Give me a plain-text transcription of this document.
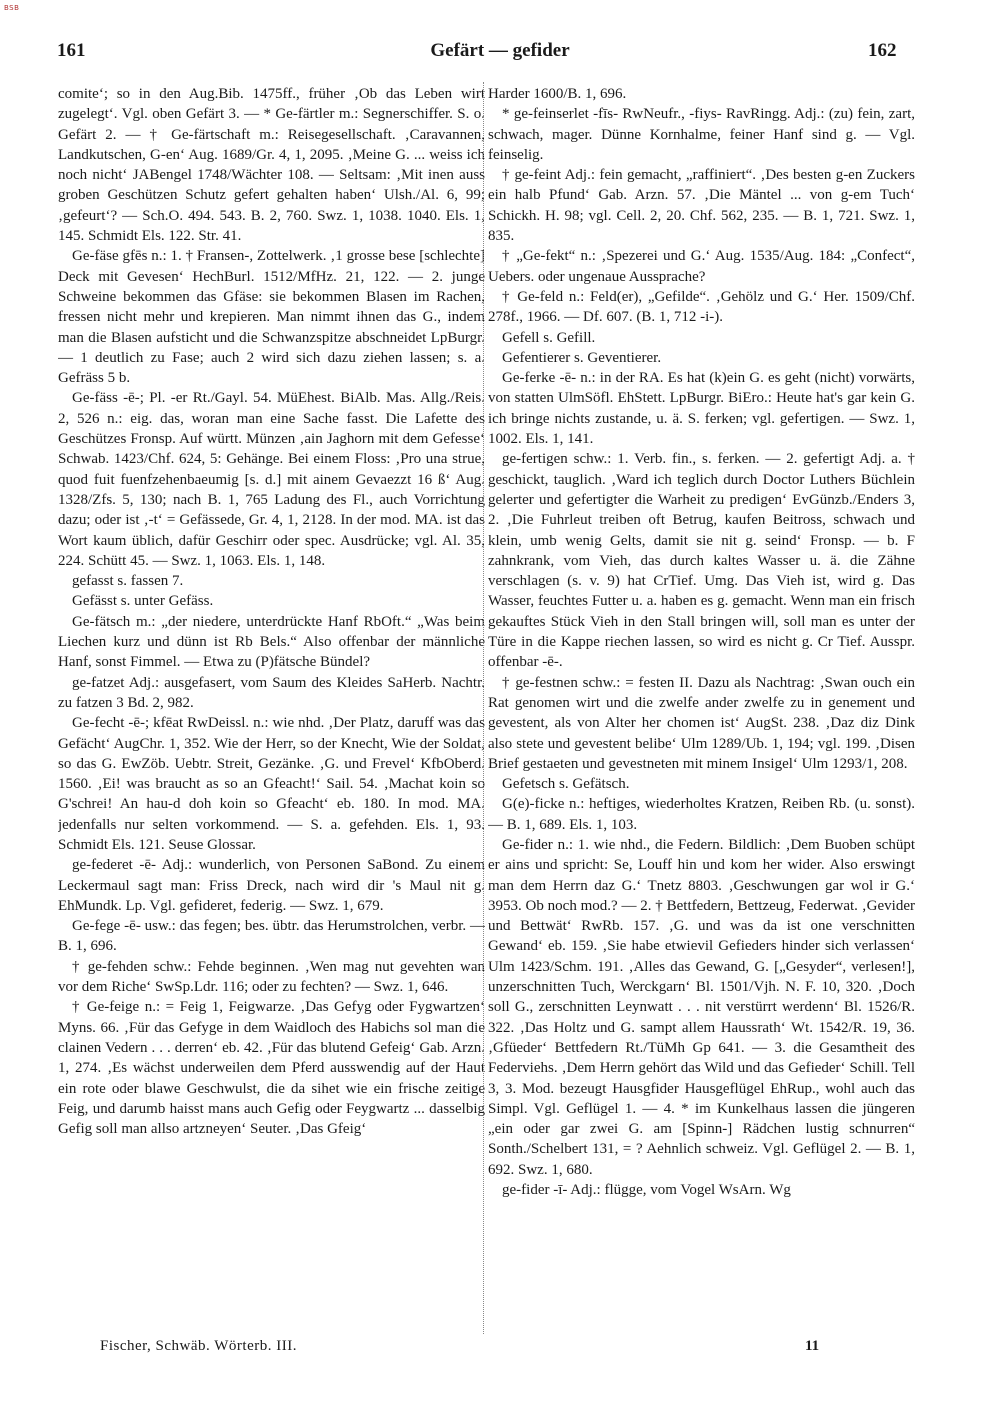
BSB
161	Gefärt — gefider	162

comite‘; so in den Aug.Bib. 1475ff., früher ‚Ob das Leben wirt zugelegt‘. Vgl. oben Gefärt 3. — * Ge-färtler m.: Segnerschiffer. S. o. Gefärt 2. — † Ge-färtschaft m.: Reisegesellschaft. ‚Caravannen, Landkutschen, G-en‘ Aug. 1689/Gr. 4, 1, 2095. ‚Meine G. ... weiss ich noch nicht‘ JABengel 1748/Wächter 108. — Seltsam: ‚Mit inen auss groben Geschützen Schutz gefert gehalten haben‘ Ulsh./Al. 6, 99; ‚gefeurt‘? — Sch.O. 494. 543. B. 2, 760. Swz. 1, 1038. 1040. Els. 1, 145. Schmidt Els. 122. Str. 41.

Ge-fäse gfēs n.: 1. † Fransen-, Zottelwerk. ‚1 grosse bese [schlechte] Deck mit Gevesen‘ HechBurl. 1512/MfHz. 21, 122. — 2. junge Schweine bekommen das Gfäse: sie bekommen Blasen im Rachen, fressen nicht mehr und krepieren. Man nimmt ihnen das G., indem man die Blasen aufsticht und die Schwanzspitze abschneidet LpBurgr. — 1 deutlich zu Fase; auch 2 wird sich dazu ziehen lassen; s. a. Gefräss 5 b.

Ge-fäss -ē-; Pl. -er Rt./Gayl. 54. MüEhest. BiAlb. Mas. Allg./Reis. 2, 526 n.: eig. das, woran man eine Sache fasst. Die Lafette des Geschützes Fronsp. Auf württ. Münzen ‚ain Jaghorn mit dem Gefesse‘ Schwab. 1423/Chf. 624, 5: Gehänge. Bei einem Floss: ‚Pro una strue, quod fuit fuenfzehenbaeumig [s. d.] mit ainem Gevaezzt 16 ß‘ Aug. 1328/Zfs. 5, 130; nach B. 1, 765 Ladung des Fl., auch Vorrichtung dazu; oder ist ‚-t‘ = Gefässede, Gr. 4, 1, 2128. In der mod. MA. ist das Wort kaum üblich, dafür Geschirr oder spec. Ausdrücke; vgl. Al. 35, 224. Schütt 45. — Swz. 1, 1063. Els. 1, 148.

gefasst s. fassen 7.

Gefässt s. unter Gefäss.

Ge-fätsch m.: „der niedere, unterdrückte Hanf RbOft.“ „Was beim Liechen kurz und dünn ist Rb Bels.“ Also offenbar der männliche Hanf, sonst Fimmel. — Etwa zu (P)fätsche Bündel?

ge-fatzet Adj.: ausgefasert, vom Saum des Kleides SaHerb. Nachtr. zu fatzen 3 Bd. 2, 982.

Ge-fecht -ē-; kfēat RwDeissl. n.: wie nhd. ‚Der Platz, daruff was das Gefächt‘ AugChr. 1, 352. Wie der Herr, so der Knecht, Wie der Soldat, so das G. EwZöb. Uebtr. Streit, Gezänke. ‚G. und Frevel‘ KfbOberd. 1560. ‚Ei! was braucht as so an Gfeacht!‘ Sail. 54. ‚Machat koin so G'schrei! An hau-d doh koin so Gfeacht‘ eb. 180. In mod. MA. jedenfalls nur selten vorkommend. — S. a. gefehden. Els. 1, 93. Schmidt Els. 121. Seuse Glossar.

ge-federet -ē- Adj.: wunderlich, von Personen SaBond. Zu einem Leckermaul sagt man: Friss Dreck, nach wird dir 's Maul nit g. EhMundk. Lp. Vgl. gefideret, federig. — Swz. 1, 679.

Ge-fege -ē- usw.: das fegen; bes. übtr. das Herumstrolchen, verbr. — B. 1, 696.

† ge-fehden schw.: Fehde beginnen. ‚Wen mag nut gevehten wan vor dem Riche‘ SwSp.Ldr. 116; oder zu fechten? — Swz. 1, 646.

† Ge-feige n.: = Feig 1, Feigwarze. ‚Das Gefyg oder Fygwartzen‘ Myns. 66. ‚Für das Gefyge in dem Waidloch des Habichs sol man die clainen Vedern . . . derren‘ eb. 42. ‚Für das blutend Gefeig‘ Gab. Arzn. 1, 274. ‚Es wächst underweilen dem Pferd ausswendig auf der Haut ein rote oder blawe Geschwulst, die da sihet wie ein frische zeitige Feig, und darumb haisst mans auch Gefig oder Feygwartz ... dasselbig Gefig soll man allso artzneyen‘ Seuter. ‚Das Gfeig‘

Harder 1600/B. 1, 696.

* ge-feinserlet -fīs- RwNeufr., -fiys- RavRingg. Adj.: (zu) fein, zart, schwach, mager. Dünne Kornhalme, feiner Hanf sind g. — Vgl. feinselig.

† ge-feint Adj.: fein gemacht, „raffiniert“. ‚Des besten g-en Zuckers ein halb Pfund‘ Gab. Arzn. 57. ‚Die Mäntel ... von g-em Tuch‘ Schickh. H. 98; vgl. Cell. 2, 20. Chf. 562, 235. — B. 1, 721. Swz. 1, 835.

† „Ge-fekt“ n.: ‚Spezerei und G.‘ Aug. 1535/Aug. 184: „Confect“, Uebers. oder ungenaue Aussprache?

† Ge-feld n.: Feld(er), „Gefilde“. ‚Gehölz und G.‘ Her. 1509/Chf. 278f., 1966. — Df. 607. (B. 1, 712 -i-).

Gefell s. Gefill.

Gefentierer s. Geventierer.

Ge-ferke -ē- n.: in der RA. Es hat (k)ein G. es geht (nicht) vorwärts, von statten UlmSöfl. EhStett. LpBurgr. BiEro.: Heute hat's gar kein G. ich bringe nichts zustande, u. ä. S. ferken; vgl. gefertigen. — Swz. 1, 1002. Els. 1, 141.

ge-fertigen schw.: 1. Verb. fin., s. ferken. — 2. gefertigt Adj. a. † geschickt, tauglich. ‚Ward ich teglich durch Doctor Luthers Büchlein gelerter und gefertigter die Warheit zu predigen‘ EvGünzb./Enders 3, 2. ‚Die Fuhrleut treiben oft Betrug, kaufen Beitross, schwach und klein, umb wenig Gelts, damit sie nit g. seind‘ Fronsp. — b. F zahnkrank, vom Vieh, das durch kaltes Wasser u. ä. die Zähne verschlagen (s. v. 9) hat CrTief. Umg. Das Vieh ist, wird g. Das Wasser, feuchtes Futter u. a. haben es g. gemacht. Wenn man ein frisch gekauftes Stück Vieh in den Stall bringen will, soll man es unter der Türe in die Kappe riechen lassen, so wird es nicht g. Cr Tief. Ausspr. offenbar -ē-.

† ge-festnen schw.: = festen II. Dazu als Nachtrag: ‚Swan ouch ein Rat genomen wirt und die zwelfe ander zwelfe zu in genement und gevestent, als von Alter her chomen ist‘ AugSt. 238. ‚Daz diz Dink also stete und gevestent belibe‘ Ulm 1289/Ub. 1, 194; vgl. 199. ‚Disen Brief gestaeten und gevestneten mit minem Insigel‘ Ulm 1293/1, 208.

Gefetsch s. Gefätsch.

G(e)-ficke n.: heftiges, wiederholtes Kratzen, Reiben Rb. (u. sonst). — B. 1, 689. Els. 1, 103.

Ge-fider n.: 1. wie nhd., die Federn. Bildlich: ‚Dem Buoben schüpt er ains und spricht: Se, Louff hin und kom her wider. Also erswingt man dem Herrn daz G.‘ Tnetz 8803. ‚Geschwungen gar wol ir G.‘ 3953. Ob noch mod.? — 2. † Bettfedern, Bettzeug, Federwat. ‚Gevider und Bettwät‘ RwRb. 157. ‚G. und was da ist one verschnitten Gewand‘ eb. 159. ‚Sie habe etwievil Gefieders hinder sich verlassen‘ Ulm 1423/Schm. 191. ‚Alles das Gewand, G. [„Gesyder“, verlesen!], unzerschnitten Tuch, Werckgarn‘ Bl. 1501/Vjh. N. F. 10, 320. ‚Doch soll G., zerschnitten Leynwatt . . . nit verstürrt werdenn‘ Bl. 1526/R. 322. ‚Das Holtz und G. sampt allem Haussrath‘ Wt. 1542/R. 19, 36. ‚Gfüeder‘ Bettfedern Rt./TüMh Gp 641. — 3. die Gesamtheit des Federviehs. ‚Dem Herrn gehört das Wild und das Gefieder‘ Schill. Tell 3, 3. Mod. bezeugt Hausgfider Hausgeflügel EhRup., wohl auch das Simpl. Vgl. Geflügel 1. — 4. * im Kunkelhaus lassen die jüngeren „ein oder gar zwei G. am [Spinn-] Rädchen lustig schnurren“ Sonth./Schelbert 131, = ? Aehnlich schweiz. Vgl. Geflügel 2. — B. 1, 692. Swz. 1, 680.

ge-fider -ī- Adj.: flügge, vom Vogel WsArn. Wg

Fischer, Schwäb. Wörterb. III.	11
